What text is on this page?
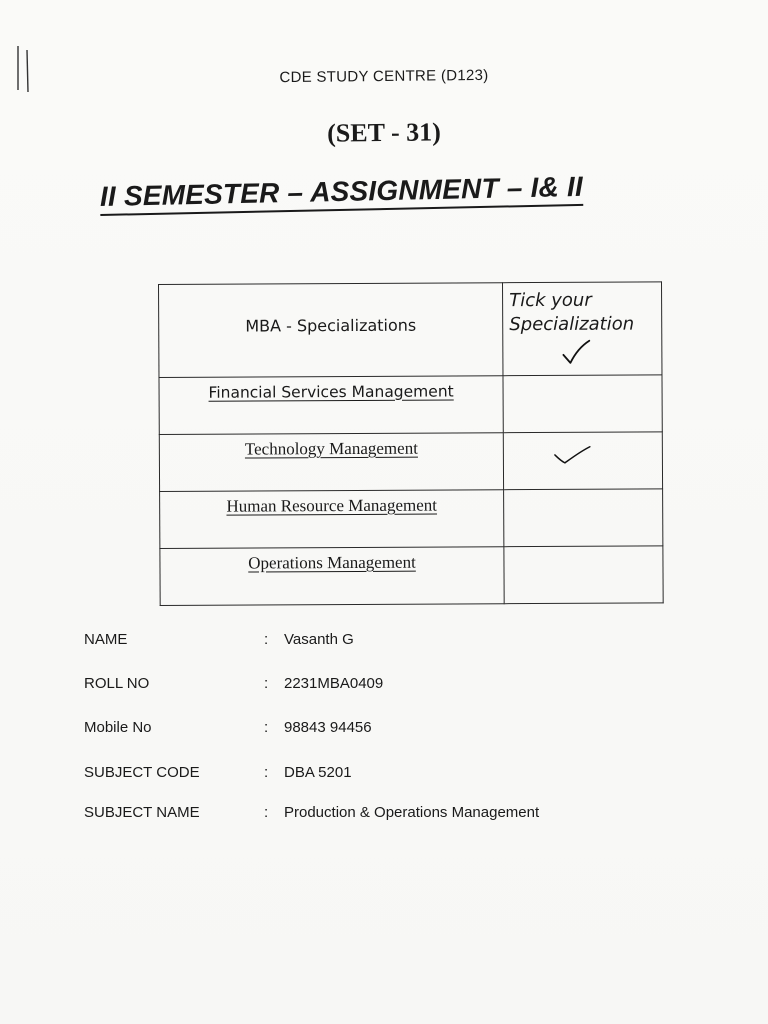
CDE STUDY CENTRE (D123)
(SET - 31)
II SEMESTER – ASSIGNMENT – I& II
MBA - Specializations	Tick your
Specialization

Financial Services Management	
Technology Management	

Human Resource Management	
Operations Management	
NAME	: Vasanth G
ROLL NO	: 2231MBA0409
Mobile No	: 98843 94456
SUBJECT CODE	: DBA 5201
SUBJECT NAME	: Production & Operations Management
